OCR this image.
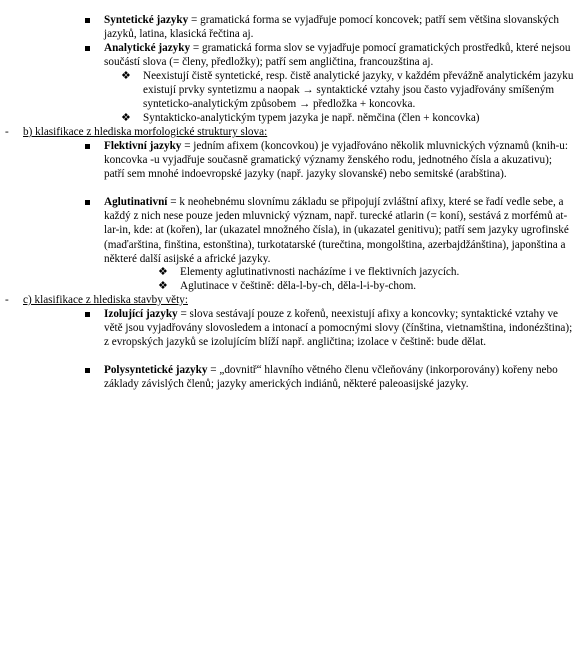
Syntetické jazyky = gramatická forma se vyjadřuje pomocí koncovek; patří sem většina slovanských jazyků, latina, klasická řečtina aj.
Analytické jazyky = gramatická forma slov se vyjadřuje pomocí gramatických prostředků, které nejsou součástí slova (= členy, předložky); patří sem angličtina, francouzština aj.
❖ Neexistují čistě syntetické, resp. čistě analytické jazyky, v každém převážně analytickém jazyku existují prvky syntetizmu a naopak → syntaktické vztahy jsou často vyjadřovány smíšeným synteticko-analytickým způsobem → předložka + koncovka.
❖ Syntakticko-analytickým typem jazyka je např. němčina (člen + koncovka)
- b) klasifikace z hlediska morfologické struktury slova:
Flektivní jazyky = jedním afixem (koncovkou) je vyjadřováno několik mluvnických významů (knih-u: koncovka -u vyjadřuje současně gramatický významy ženského rodu, jednotného čísla a akuzativu); patří sem mnohé indoevropské jazyky (např. jazyky slovanské) nebo semitské (arabština).
Aglutinativní = k neohebnému slovnímu základu se připojují zvláštní afixy, které se řadí vedle sebe, a každý z nich nese pouze jeden mluvnický význam, např. turecké atlarin (= koní), sestává z morfémů at-lar-in, kde: at (kořen), lar (ukazatel množného čísla), in (ukazatel genitivu); patří sem jazyky ugrofinské (maďarština, finština, estonština), turkotatarské (turečtina, mongolština, azerbajdžánština), japonština a některé další asijské a africké jazyky.
❖ Elementy aglutinativnosti nacházíme i ve flektivních jazycích.
❖ Aglutinace v češtině: děla-l-by-ch, děla-l-i-by-chom.
- c) klasifikace z hlediska stavby věty:
Izolující jazyky = slova sestávají pouze z kořenů, neexistují afixy a koncovky; syntaktické vztahy ve větě jsou vyjadřovány slovosledem a intonací a pomocnými slovy (čínština, vietnamština, indonézština); z evropských jazyků se izolujícím blíží např. angličtina; izolace v češtině: bude dělat.
Polysyntetické jazyky = „dovnitř“ hlavního větného členu včleňovány (inkorporovány) kořeny nebo základy závislých členů; jazyky amerických indiánů, některé paleoasijské jazyky.
